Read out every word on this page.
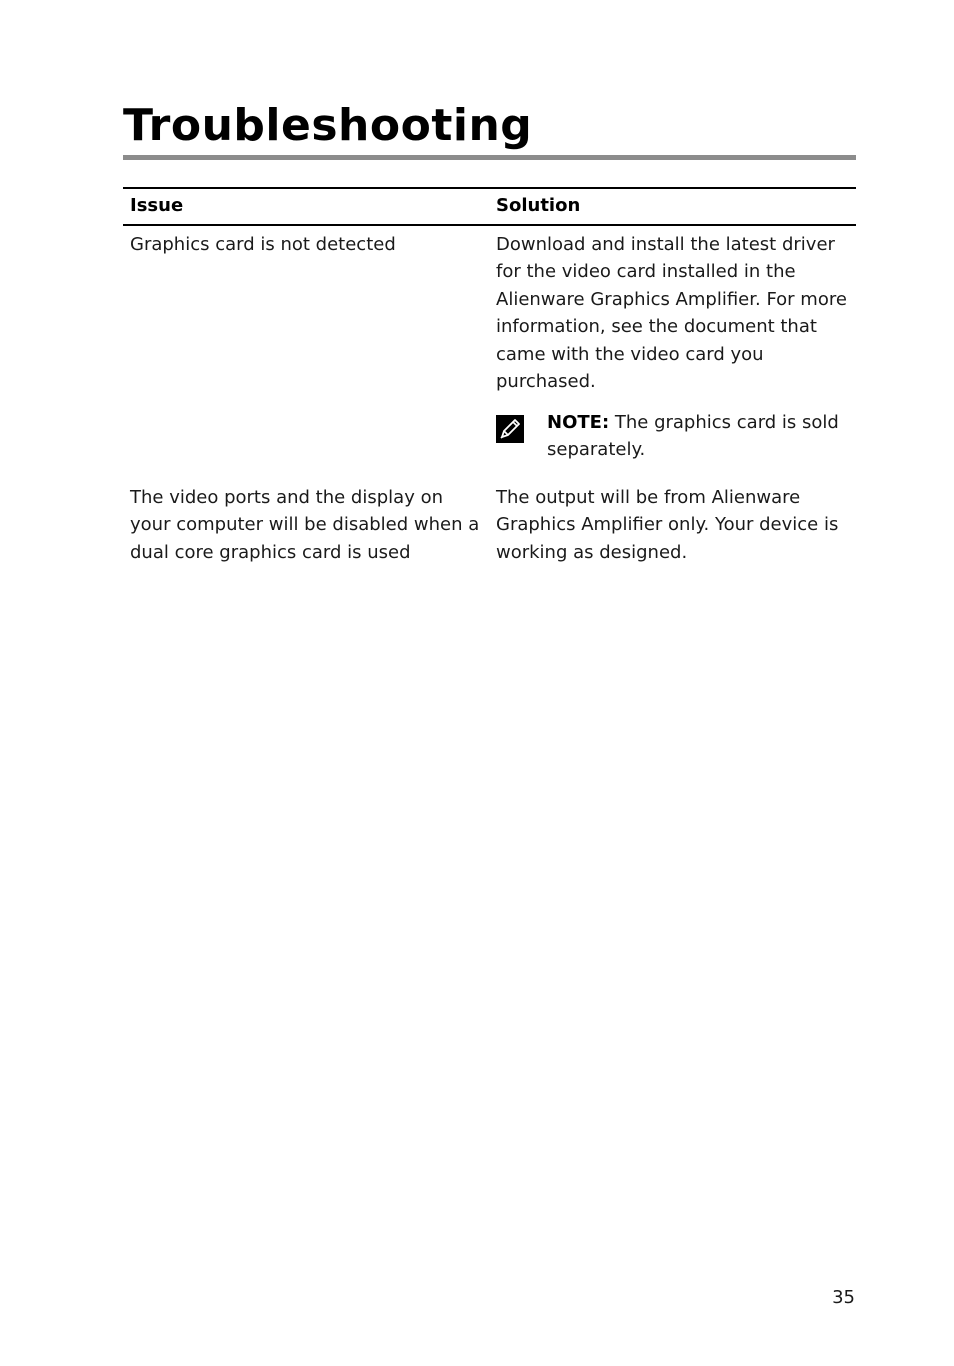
Troubleshooting
Issue	Solution
Graphics card is not detected	Download and install the latest driver for the video card installed in the Alienware Graphics Amplifier. For more information, see the document that came with the video card you purchased.
NOTE: The graphics card is sold separately.
The video ports and the display on your computer will be disabled when a dual core graphics card is used
The output will be from Alienware Graphics Amplifier only. Your device is working as designed.
35
